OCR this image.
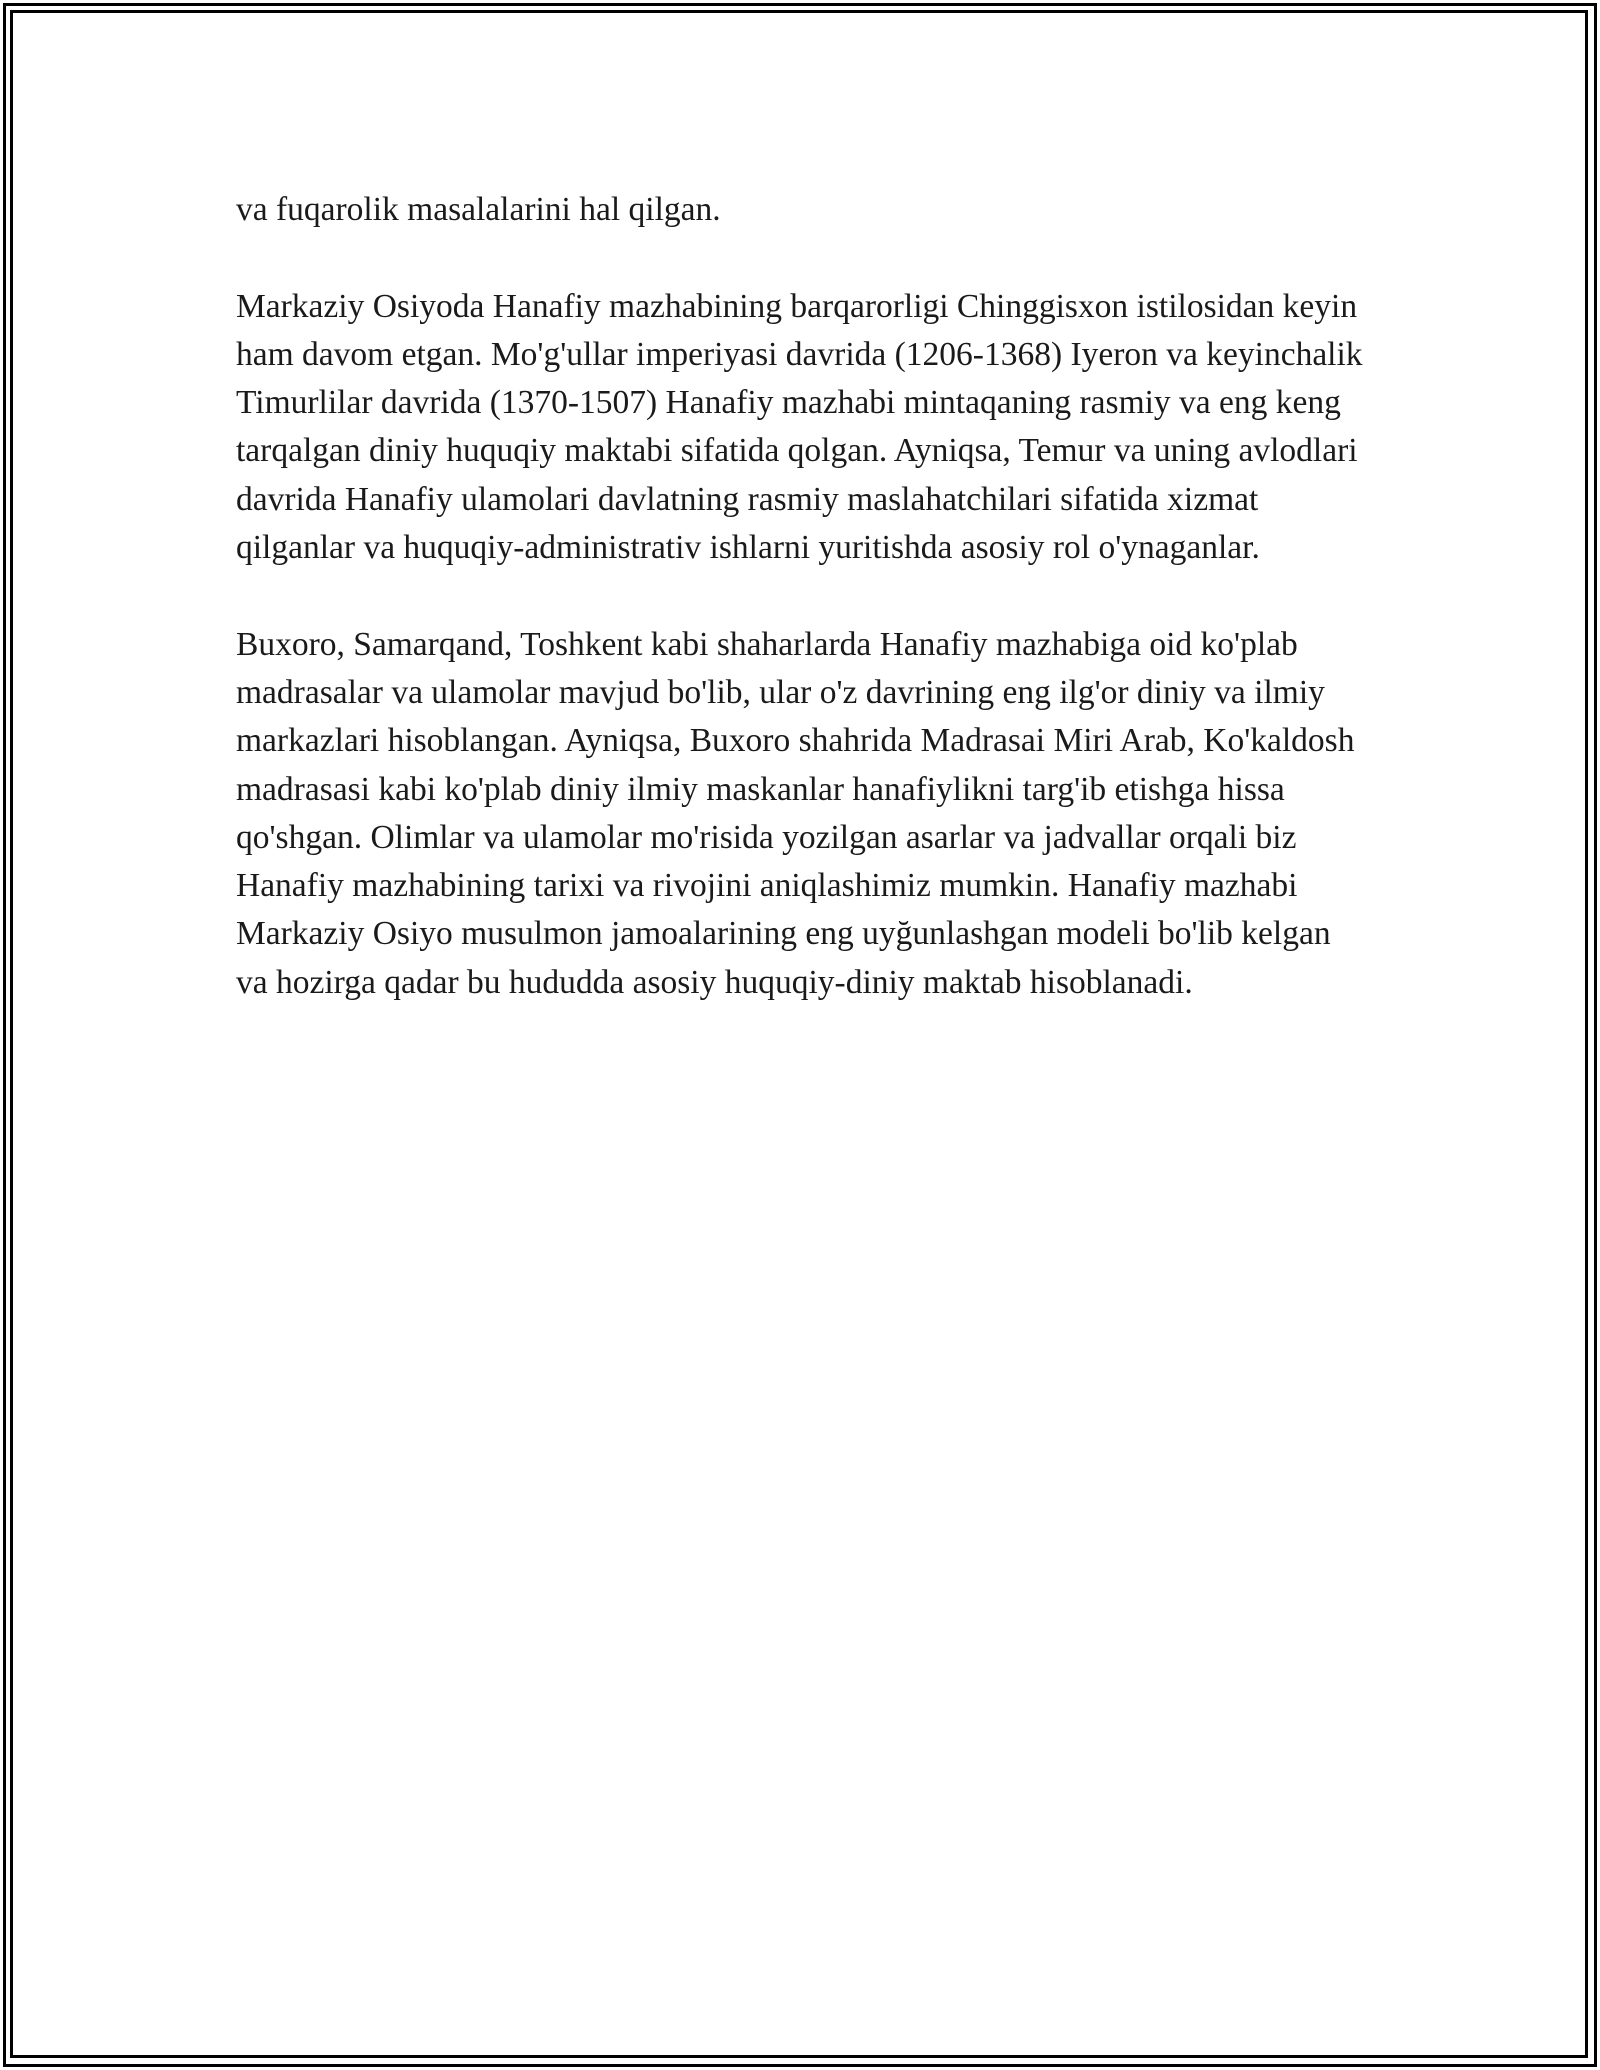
va fuqarolik masalalarini hal qilgan.

Markaziy Osiyoda Hanafiy mazhabining barqarorligi Chinggisxon istilosidan keyin ham davom etgan. Mo'g'ullar imperiyasi davrida (1206-1368) Iyeron va keyinchalik Timurlilar davrida (1370-1507) Hanafiy mazhabi mintaqaning rasmiy va eng keng tarqalgan diniy huquqiy maktabi sifatida qolgan. Ayniqsa, Temur va uning avlodlari davrida Hanafiy ulamolari davlatning rasmiy maslahatchilari sifatida xizmat qilganlar va huquqiy-administrativ ishlarni yuritishda asosiy rol o'ynaganlar.

Buxoro, Samarqand, Toshkent kabi shaharlarda Hanafiy mazhabiga oid ko'plab madrasalar va ulamolar mavjud bo'lib, ular o'z davrining eng ilg'or diniy va ilmiy markazlari hisoblangan. Ayniqsa, Buxoro shahrida Madrasai Miri Arab, Ko'kaldosh madrasasi kabi ko'plab diniy ilmiy maskanlar hanafiylikni targ'ib etishga hissa qo'shgan. Olimlar va ulamolar mo'risida yozilgan asarlar va jadvallar orqali biz Hanafiy mazhabining tarixi va rivojini aniqlashimiz mumkin. Hanafiy mazhabi Markaziy Osiyo musulmon jamoalarining eng uyğunlashgan modeli bo'lib kelgan va hozirga qadar bu hududda asosiy huquqiy-diniy maktab hisoblanadi.
